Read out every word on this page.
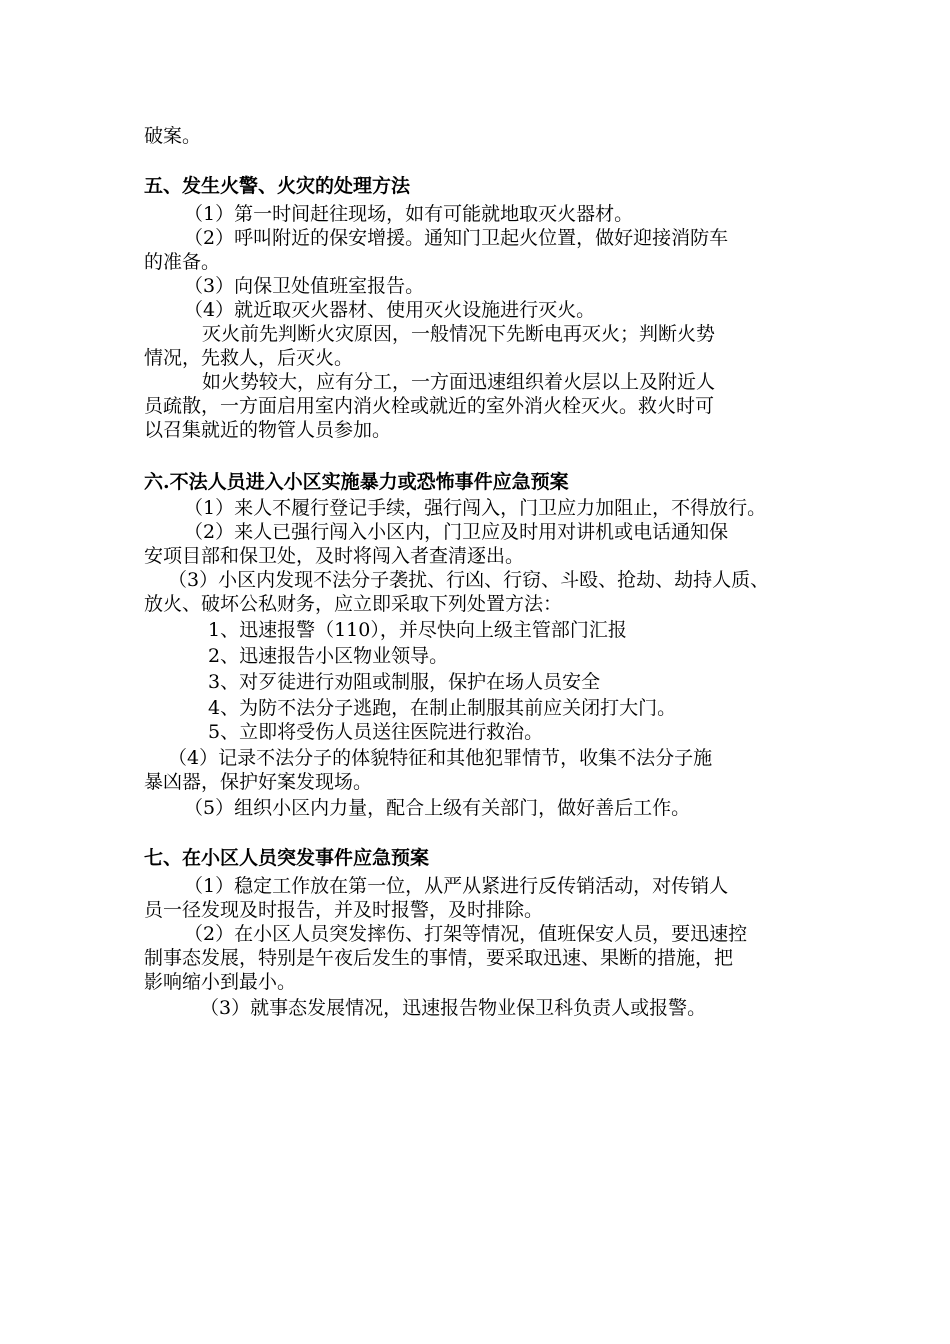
破案。
五、发生火警、火灾的处理方法
（1）第一时间赶往现场，如有可能就地取灭火器材。
（2）呼叫附近的保安增援。通知门卫起火位置，做好迎接消防车
的准备。
（3）向保卫处值班室报告。
（4）就近取灭火器材、使用灭火设施进行灭火。
灭火前先判断火灾原因，一般情况下先断电再灭火；判断火势
情况，先救人，后灭火。
如火势较大，应有分工，一方面迅速组织着火层以上及附近人
员疏散，一方面启用室内消火栓或就近的室外消火栓灭火。救火时可
以召集就近的物管人员参加。
六.不法人员进入小区实施暴力或恐怖事件应急预案
（1）来人不履行登记手续，强行闯入，门卫应力加阻止，不得放行。
（2）来人已强行闯入小区内，门卫应及时用对讲机或电话通知保
安项目部和保卫处，及时将闯入者查清逐出。
（3）小区内发现不法分子袭扰、行凶、行窃、斗殴、抢劫、劫持人质、
放火、破坏公私财务，应立即采取下列处置方法：
1、迅速报警（110），并尽快向上级主管部门汇报
2、迅速报告小区物业领导。
3、对歹徒进行劝阻或制服，保护在场人员安全
4、为防不法分子逃跑，在制止制服其前应关闭打大门。
5、立即将受伤人员送往医院进行救治。
（4）记录不法分子的体貌特征和其他犯罪情节，收集不法分子施
暴凶器，保护好案发现场。
（5）组织小区内力量，配合上级有关部门，做好善后工作。
七、在小区人员突发事件应急预案
（1）稳定工作放在第一位，从严从紧进行反传销活动，对传销人
员一径发现及时报告，并及时报警，及时排除。
（2）在小区人员突发摔伤、打架等情况，值班保安人员，要迅速控
制事态发展，特别是午夜后发生的事情，要采取迅速、果断的措施，把
影响缩小到最小。
（3）就事态发展情况，迅速报告物业保卫科负责人或报警。
